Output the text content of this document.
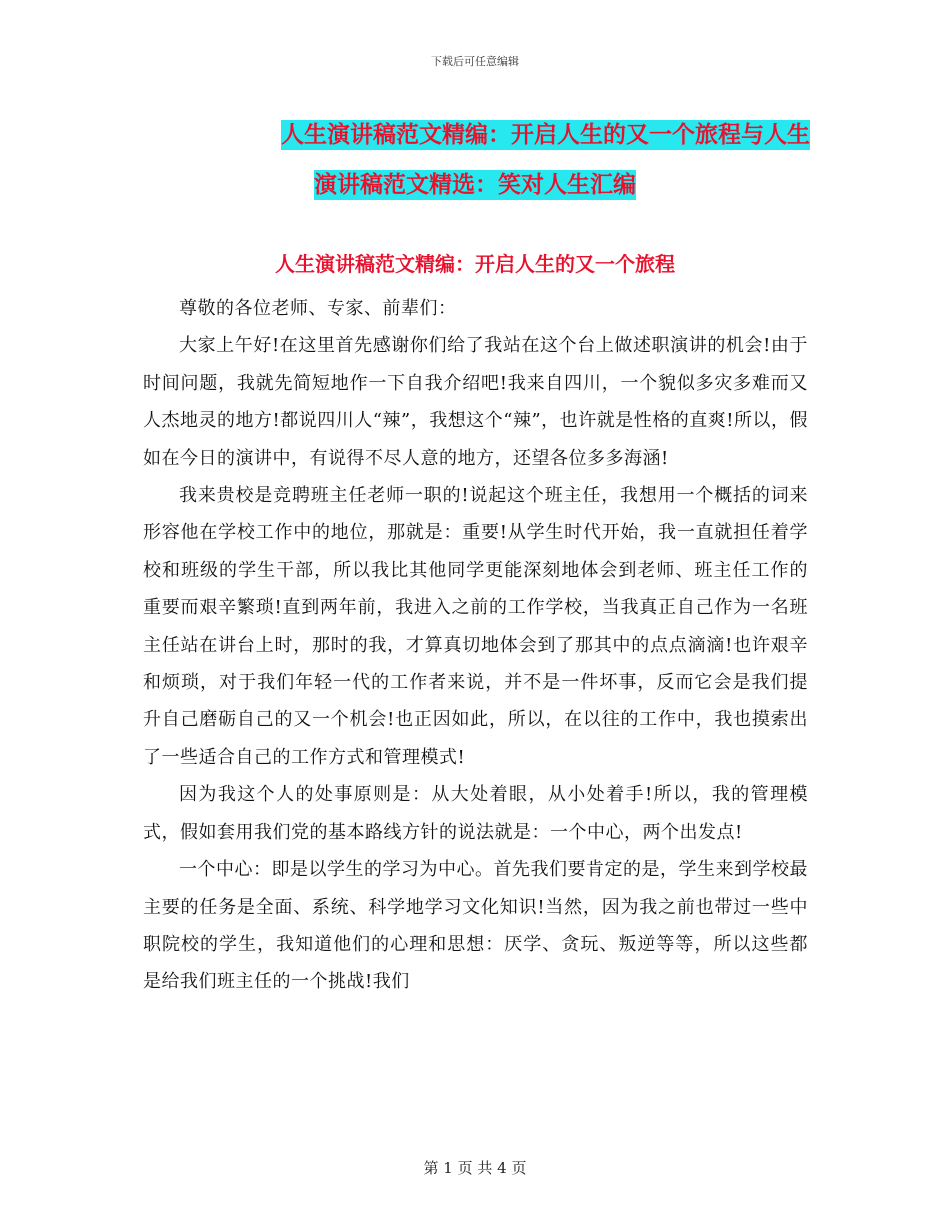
下载后可任意编辑
人生演讲稿范文精编：开启人生的又一个旅程与人生
演讲稿范文精选：笑对人生汇编
人生演讲稿范文精编：开启人生的又一个旅程

尊敬的各位老师、专家、前辈们：

大家上午好!在这里首先感谢你们给了我站在这个台上做述职演讲的机会!由于时间问题，我就先简短地作一下自我介绍吧!我来自四川，一个貌似多灾多难而又人杰地灵的地方!都说四川人“辣”，我想这个“辣”，也许就是性格的直爽!所以，假如在今日的演讲中，有说得不尽人意的地方，还望各位多多海涵!

我来贵校是竞聘班主任老师一职的!说起这个班主任，我想用一个概括的词来形容他在学校工作中的地位，那就是：重要!从学生时代开始，我一直就担任着学校和班级的学生干部，所以我比其他同学更能深刻地体会到老师、班主任工作的重要而艰辛繁琐!直到两年前，我进入之前的工作学校，当我真正自己作为一名班主任站在讲台上时，那时的我，才算真切地体会到了那其中的点点滴滴!也许艰辛和烦琐，对于我们年轻一代的工作者来说，并不是一件坏事，反而它会是我们提升自己磨砺自己的又一个机会!也正因如此，所以，在以往的工作中，我也摸索出了一些适合自己的工作方式和管理模式!

因为我这个人的处事原则是：从大处着眼，从小处着手!所以，我的管理模式，假如套用我们党的基本路线方针的说法就是：一个中心，两个出发点!

一个中心：即是以学生的学习为中心。首先我们要肯定的是，学生来到学校最主要的任务是全面、系统、科学地学习文化知识!当然，因为我之前也带过一些中职院校的学生，我知道他们的心理和思想：厌学、贪玩、叛逆等等，所以这些都是给我们班主任的一个挑战!我们

第 1 页 共 4 页
